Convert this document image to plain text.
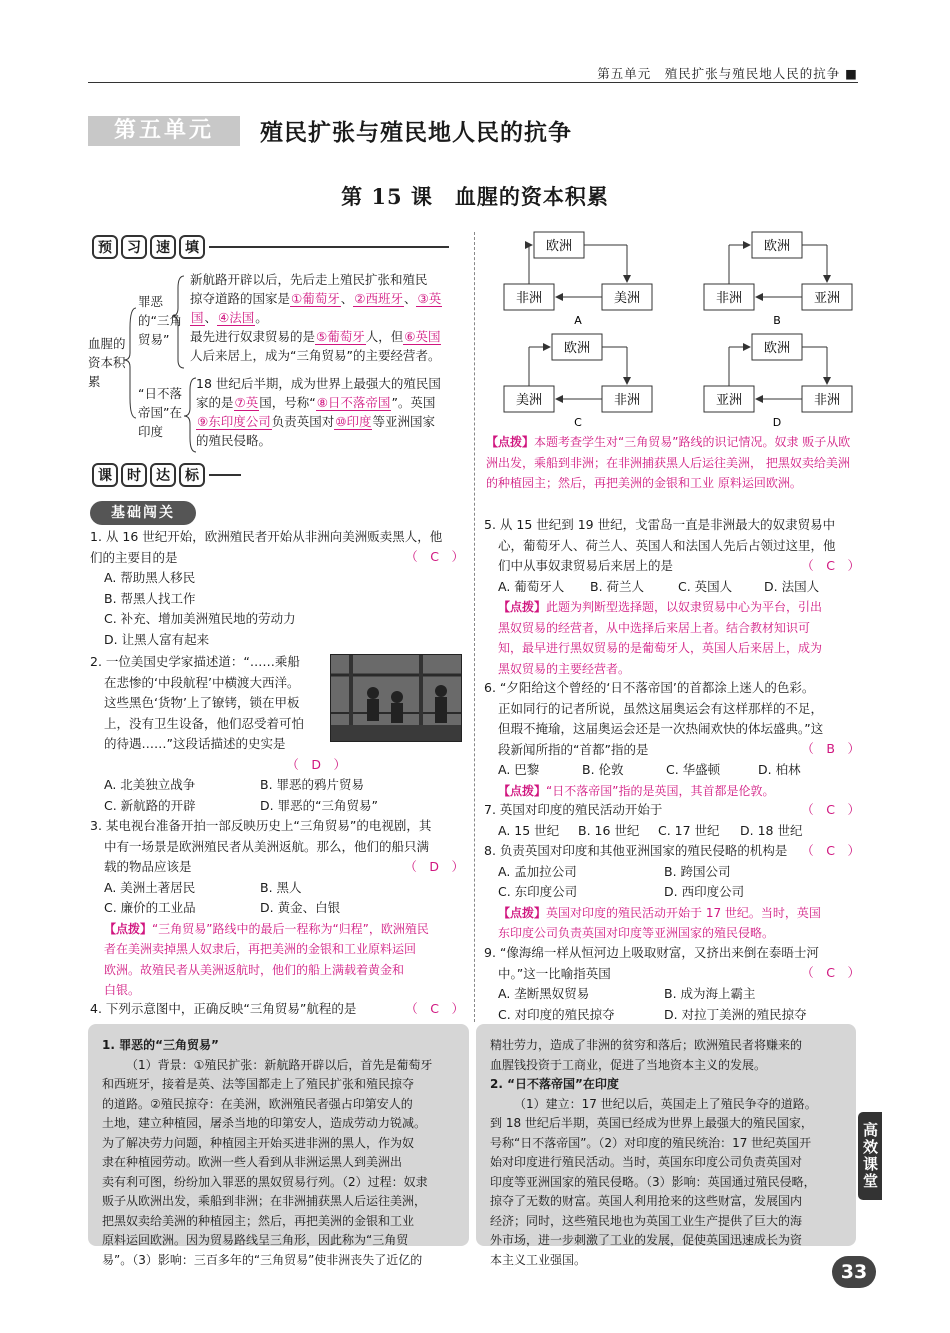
第五单元　殖民扩张与殖民地人民的抗争 ■
第五单元	殖民扩张与殖民地人民的抗争
第 15 课　血腥的资本积累
预	习	速	填
血腥的资本积累
罪恶的“三角贸易”
“日不落帝国”在印度
新航路开辟以后，先后走上殖民扩张和殖民
掠夺道路的国家是①葡萄牙、②西班牙、③英
国、④法国。
最先进行奴隶贸易的是⑤葡萄牙人，但⑥英国
人后来居上，成为“三角贸易”的主要经营者。
18 世纪后半期，成为世界上最强大的殖民国
家的是⑦英国，号称“⑧日不落帝国”。英国
⑨东印度公司负责英国对⑩印度等亚洲国家
的殖民侵略。
课	时	达	标
基础闯关
1. 从 16 世纪开始，欧洲殖民者开始从非洲向美洲贩卖黑人，他
们的主要目的是	（　C　）
A. 帮助黑人移民
B. 帮黑人找工作
C. 补充、增加美洲殖民地的劳动力
D. 让黑人富有起来
2. 一位美国史学家描述道：“……乘船
在悲惨的‘中段航程’中横渡大西洋。
这些黑色‘货物’上了镣铐，锁在甲板
上，没有卫生设备，他们忍受着可怕
的待遇……”这段话描述的史实是
（　D　）
A. 北美独立战争	B. 罪恶的鸦片贸易
C. 新航路的开辟	D. 罪恶的“三角贸易”
3. 某电视台准备开拍一部反映历史上“三角贸易”的电视剧，其
中有一场景是欧洲殖民者从美洲返航。那么，他们的船只满
载的物品应该是	（　D　）
A. 美洲土著居民	B. 黑人
C. 廉价的工业品	D. 黄金、白银
【点拨】“三角贸易”路线中的最后一程称为“归程”，欧洲殖民
者在美洲卖掉黑人奴隶后，再把美洲的金银和工业原料运回
欧洲。故殖民者从美洲返航时，他们的船上满载着黄金和
白银。
4. 下列示意图中，正确反映“三角贸易”航程的是	（　C　）
欧洲
非洲	美洲
A
欧洲
非洲	亚洲
B
欧洲
美洲	非洲
C
欧洲
亚洲	非洲
D
【点拨】本题考查学生对“三角贸易”路线的识记情况。奴隶 贩子从欧洲出发，乘船到非洲；在非洲捕获黑人后运往美洲， 把黑奴卖给美洲的种植园主；然后，再把美洲的金银和工业 原料运回欧洲。
5. 从 15 世纪到 19 世纪，戈雷岛一直是非洲最大的奴隶贸易中
心，葡萄牙人、荷兰人、英国人和法国人先后占领过这里，他
们中从事奴隶贸易后来居上的是	（　C　）
A. 葡萄牙人	B. 荷兰人	C. 英国人	D. 法国人
【点拨】此题为判断型选择题，以奴隶贸易中心为平台，引出
黑奴贸易的经营者，从中选择后来居上者。结合教材知识可
知，最早进行黑奴贸易的是葡萄牙人，英国人后来居上，成为
黑奴贸易的主要经营者。
6. “夕阳给这个曾经的‘日不落帝国’的首都涂上迷人的色彩。
正如同行的记者所说，虽然这届奥运会有这样那样的不足，
但瑕不掩瑜，这届奥运会还是一次热闹欢快的体坛盛典。”这
段新闻所指的“首都”指的是	（　B　）
A. 巴黎	B. 伦敦	C. 华盛顿	D. 柏林
【点拨】“日不落帝国”指的是英国，其首都是伦敦。
7. 英国对印度的殖民活动开始于	（　C　）
A. 15 世纪	B. 16 世纪	C. 17 世纪	D. 18 世纪
8. 负责英国对印度和其他亚洲国家的殖民侵略的机构是	（　C　）
A. 孟加拉公司	B. 跨国公司
C. 东印度公司	D. 西印度公司
【点拨】英国对印度的殖民活动开始于 17 世纪。当时，英国
东印度公司负责英国对印度等亚洲国家的殖民侵略。
9. “像海绵一样从恒河边上吸取财富，又挤出来倒在泰晤士河
中。”这一比喻指英国	（　C　）
A. 垄断黑奴贸易	B. 成为海上霸主
C. 对印度的殖民掠夺	D. 对拉丁美洲的殖民掠夺
1. 罪恶的“三角贸易”
（1）背景：①殖民扩张：新航路开辟以后，首先是葡萄牙
和西班牙，接着是英、法等国都走上了殖民扩张和殖民掠夺
的道路。②殖民掠夺：在美洲，欧洲殖民者强占印第安人的
土地，建立种植园，屠杀当地的印第安人，造成劳动力锐减。
为了解决劳力问题，种植园主开始买进非洲的黑人，作为奴
隶在种植园劳动。欧洲一些人看到从非洲运黑人到美洲出
卖有利可图，纷纷加入罪恶的黑奴贸易行列。（2）过程：奴隶
贩子从欧洲出发，乘船到非洲；在非洲捕获黑人后运往美洲，
把黑奴卖给美洲的种植园主；然后，再把美洲的金银和工业
原料运回欧洲。因为贸易路线呈三角形，因此称为“三角贸
易”。（3）影响：三百多年的“三角贸易”使非洲丧失了近亿的
精壮劳力，造成了非洲的贫穷和落后；欧洲殖民者将赚来的
血腥钱投资于工商业，促进了当地资本主义的发展。
2. “日不落帝国”在印度
（1）建立：17 世纪以后，英国走上了殖民争夺的道路。
到 18 世纪后半期，英国已经成为世界上最强大的殖民国家，
号称“日不落帝国”。（2）对印度的殖民统治：17 世纪英国开
始对印度进行殖民活动。当时，英国东印度公司负责英国对
印度等亚洲国家的殖民侵略。（3）影响：英国通过殖民侵略，
掠夺了无数的财富。英国人利用抢来的这些财富，发展国内
经济；同时，这些殖民地也为英国工业生产提供了巨大的海
外市场，进一步刺激了工业的发展，促使英国迅速成长为资
本主义工业强国。
高效课堂
33
